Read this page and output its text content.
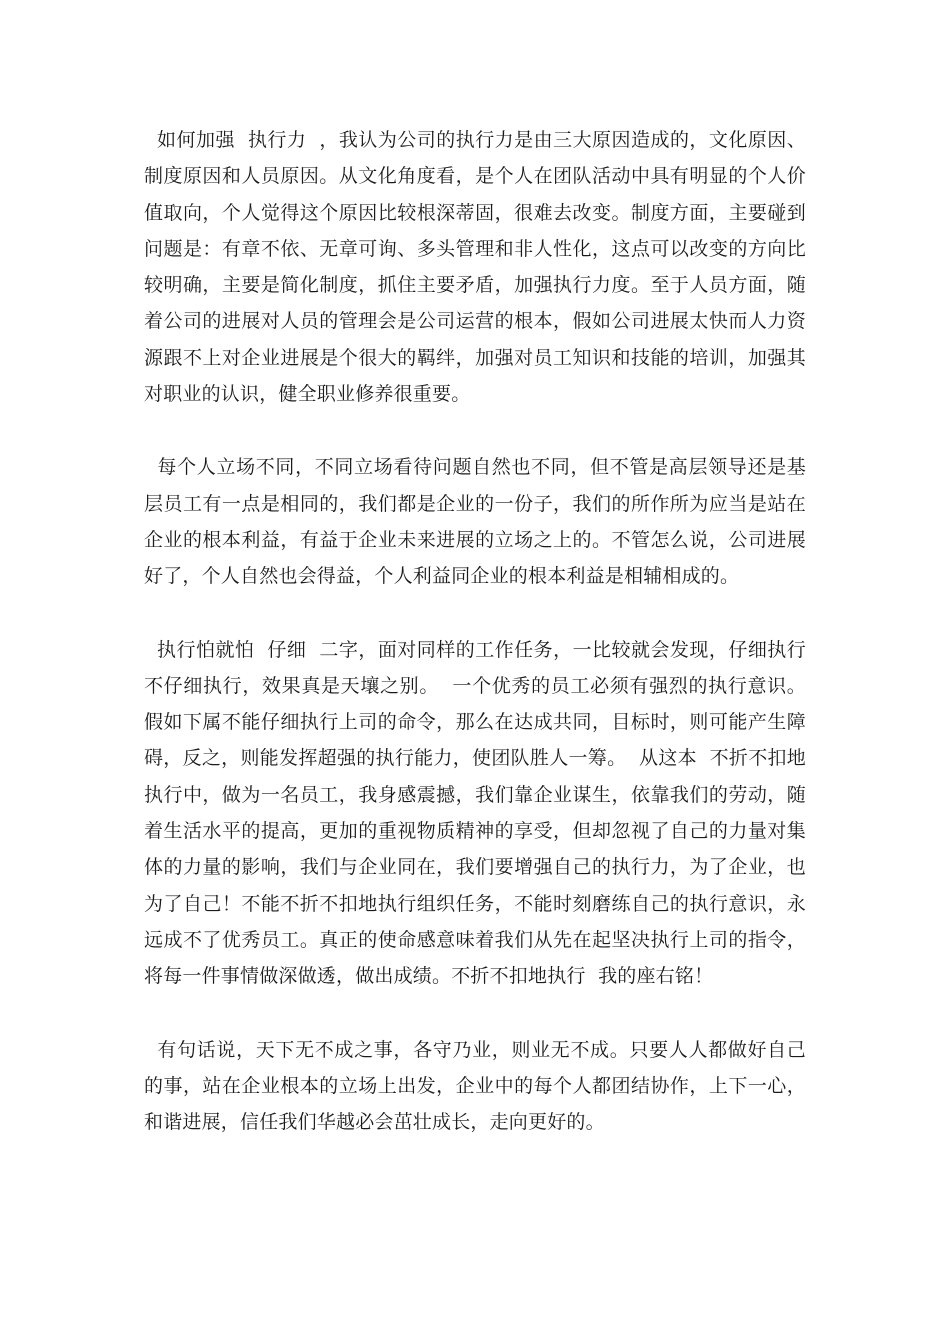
如何加强  执行力  ，我认为公司的执行力是由三大原因造成的，文化原因、制度原因和人员原因。从文化角度看，是个人在团队活动中具有明显的个人价值取向，个人觉得这个原因比较根深蒂固，很难去改变。制度方面，主要碰到问题是：有章不依、无章可询、多头管理和非人性化，这点可以改变的方向比较明确，主要是简化制度，抓住主要矛盾，加强执行力度。至于人员方面，随着公司的进展对人员的管理会是公司运营的根本，假如公司进展太快而人力资源跟不上对企业进展是个很大的羁绊，加强对员工知识和技能的培训，加强其对职业的认识，健全职业修养很重要。

每个人立场不同，不同立场看待问题自然也不同，但不管是高层领导还是基层员工有一点是相同的，我们都是企业的一份子，我们的所作所为应当是站在企业的根本利益，有益于企业未来进展的立场之上的。不管怎么说，公司进展好了，个人自然也会得益，个人利益同企业的根本利益是相辅相成的。

执行怕就怕  仔细  二字，面对同样的工作任务，一比较就会发现，仔细执行不仔细执行，效果真是天壤之别。  一个优秀的员工必须有强烈的执行意识。假如下属不能仔细执行上司的命令，那么在达成共同，目标时，则可能产生障碍，反之，则能发挥超强的执行能力，使团队胜人一筹。  从这本  不折不扣地执行中，做为一名员工，我身感震撼，我们靠企业谋生，依靠我们的劳动，随着生活水平的提高，更加的重视物质精神的享受，但却忽视了自己的力量对集体的力量的影响，我们与企业同在，我们要增强自己的执行力，为了企业，也为了自己！不能不折不扣地执行组织任务，不能时刻磨练自己的执行意识，永远成不了优秀员工。真正的使命感意味着我们从先在起坚决执行上司的指令，将每一件事情做深做透，做出成绩。不折不扣地执行  我的座右铭！

有句话说，天下无不成之事，各守乃业，则业无不成。只要人人都做好自己的事，站在企业根本的立场上出发，企业中的每个人都团结协作，上下一心，和谐进展，信任我们华越必会茁壮成长，走向更好的。
